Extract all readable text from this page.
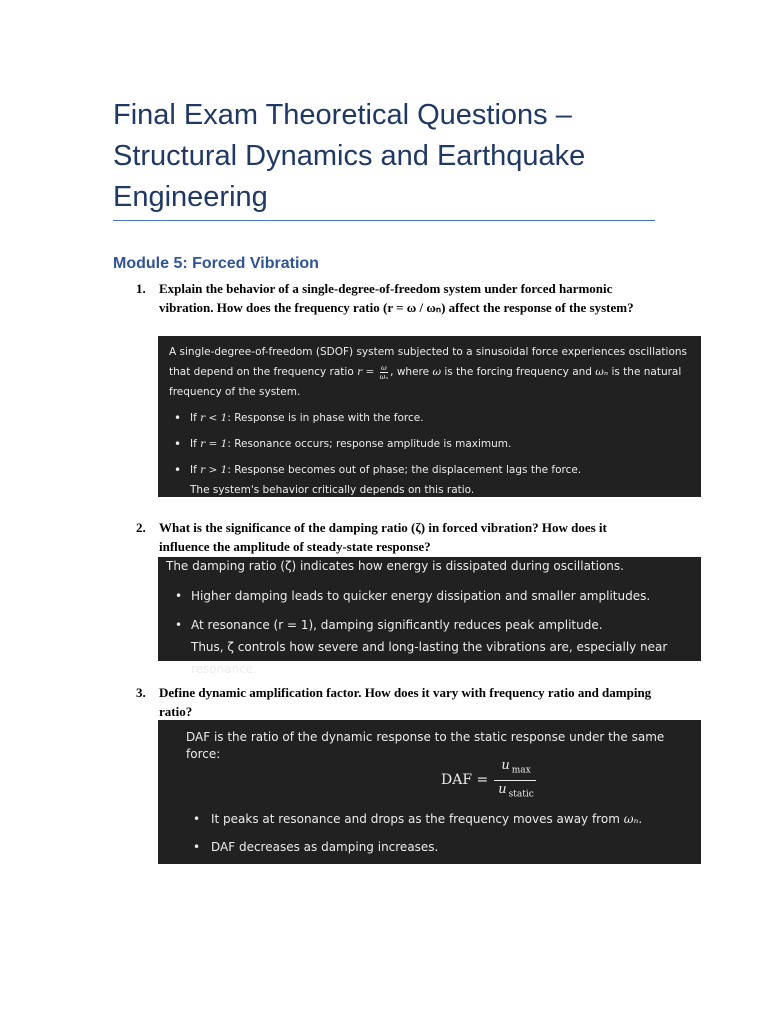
Final Exam Theoretical Questions – Structural Dynamics and Earthquake Engineering
Module 5: Forced Vibration
1.	Explain the behavior of a single-degree-of-freedom system under forced harmonic vibration. How does the frequency ratio (r = ω / ωₙ) affect the response of the system?

A single-degree-of-freedom (SDOF) system subjected to a sinusoidal force experiences oscillations that depend on the frequency ratio $r = \frac{\omega}{\text{ωₙ}}$ , where ω is the forcing frequency and ωₙ is the natural frequency of the system.

• If r < 1: Response is in phase with the force.
• If r = 1: Resonance occurs; response amplitude is maximum.
• If r > 1: Response becomes out of phase; the displacement lags the force.
The system's behavior critically depends on this ratio.
2.	What is the significance of the damping ratio (ζ) in forced vibration? How does it influence the amplitude of steady-state response?

The damping ratio (ζ) indicates how energy is dissipated during oscillations.

• Higher damping leads to quicker energy dissipation and smaller amplitudes.
• At resonance (r = 1), damping significantly reduces peak amplitude.
Thus, ζ controls how severe and long-lasting the vibrations are, especially near resonance.
3.	Define dynamic amplification factor. How does it vary with frequency ratio and damping ratio?

DAF is the ratio of the dynamic response to the static response under the same force:

DAF = $\frac{u _{max}}{u _{static}}$
• It peaks at resonance and drops as the frequency moves away from ωₙ.
• DAF decreases as damping increases.
